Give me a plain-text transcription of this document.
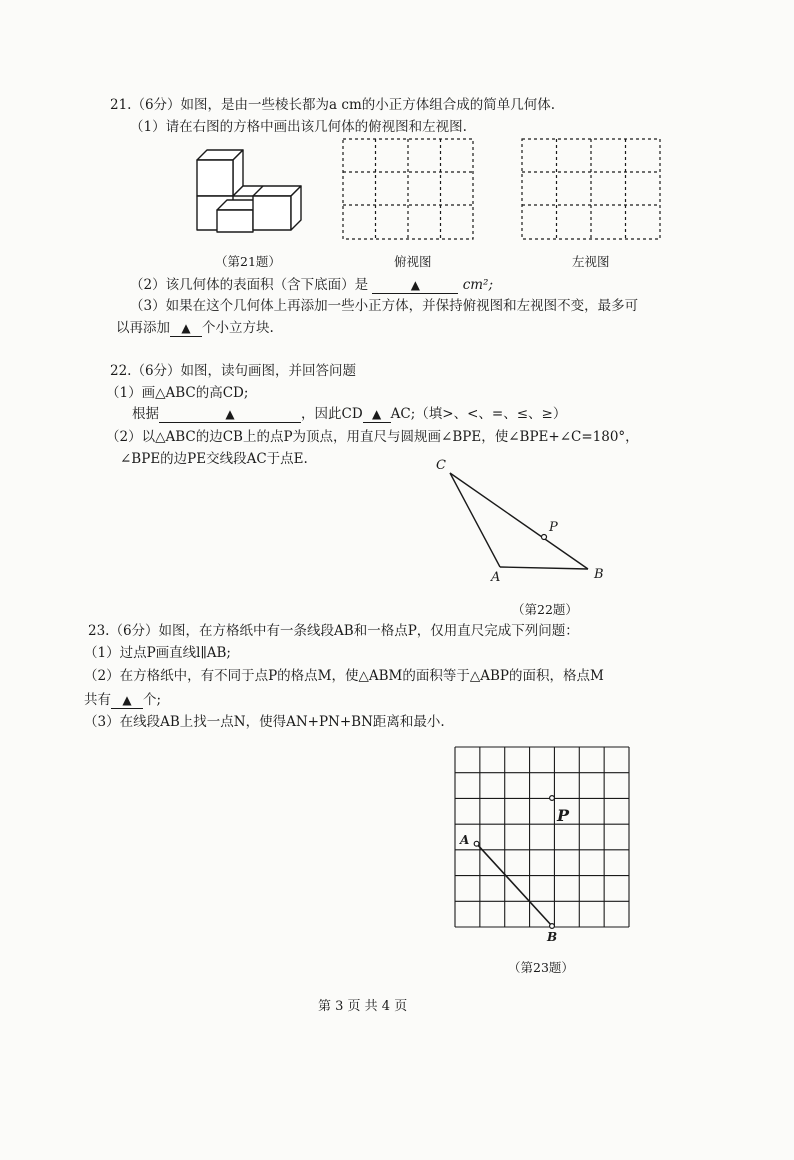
21.（6分）如图，是由一些棱长都为a cm的小正方体组合成的简单几何体.
（1）请在右图的方格中画出该几何体的俯视图和左视图.
（第21题）	俯视图	左视图
（2）该几何体的表面积（含下底面）是	▲	cm²;
（3）如果在这个几何体上再添加一些小正方体，并保持俯视图和左视图不变，最多可
以再添加 ▲ 个小立方块.
22.（6分）如图，读句画图，并回答问题
（1）画△ABC的高CD;
根据	▲	，因此CD ▲ AC;（填>、<、=、≤、≥）
（2）以△ABC的边CB上的点P为顶点，用直尺与圆规画∠BPE，使∠BPE+∠C=180°，
∠BPE的边PE交线段AC于点E.	C
A	B
P
（第22题）
23.（6分）如图，在方格纸中有一条线段AB和一格点P，仅用直尺完成下列问题：
（1）过点P画直线l∥AB;
（2）在方格纸中，有不同于点P的格点M，使△ABM的面积等于△ABP的面积，格点M
共有 ▲ 个;
（3）在线段AB上找一点N，使得AN+PN+BN距离和最小.
A
B
P
（第23题）
第 3 页 共 4 页
